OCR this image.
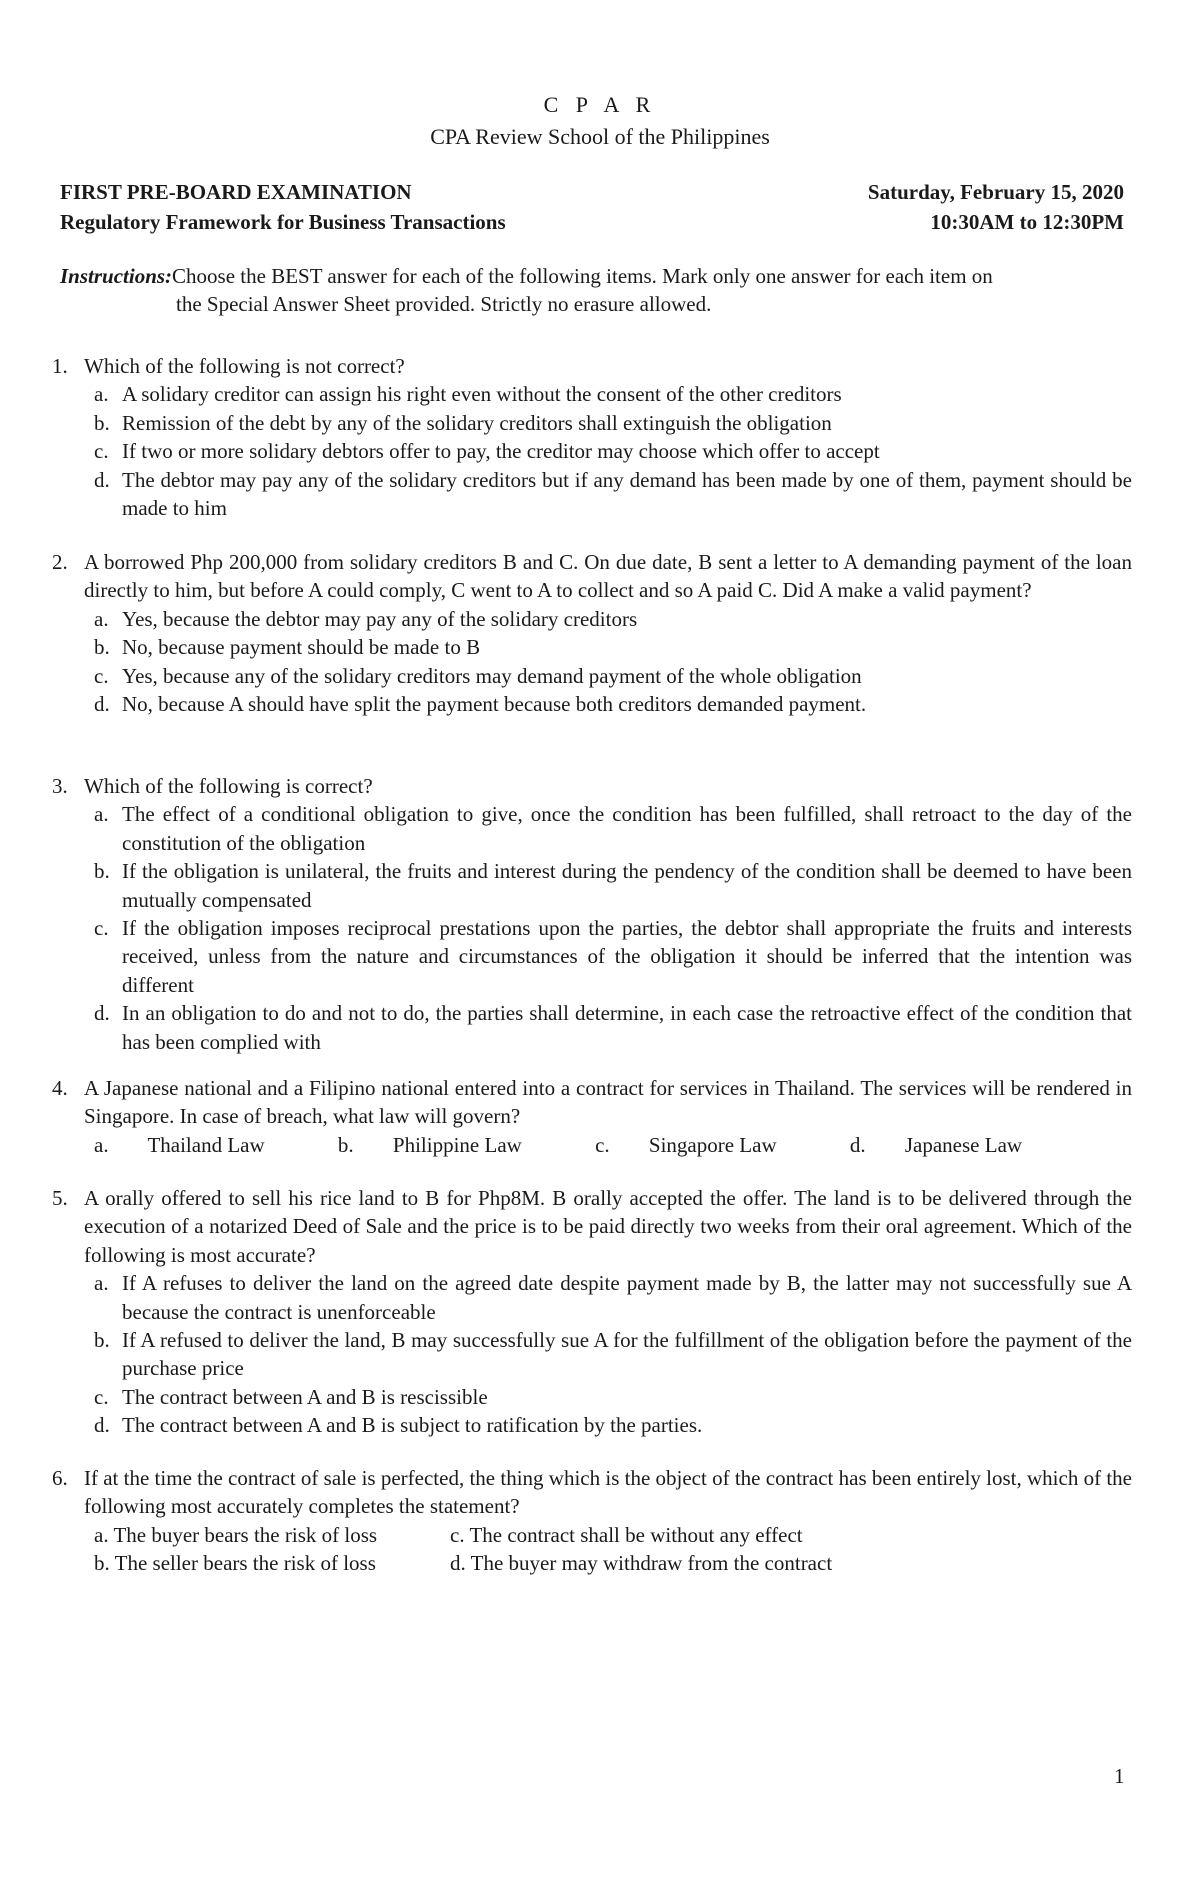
C P A R
CPA Review School of the Philippines
FIRST PRE-BOARD EXAMINATION
Regulatory Framework for Business Transactions
Saturday, February 15, 2020
10:30AM to 12:30PM
Instructions:Choose the BEST answer for each of the following items. Mark only one answer for each item on
the Special Answer Sheet provided. Strictly no erasure allowed.
1. Which of the following is not correct?
a. A solidary creditor can assign his right even without the consent of the other creditors
b. Remission of the debt by any of the solidary creditors shall extinguish the obligation
c. If two or more solidary debtors offer to pay, the creditor may choose which offer to accept
d. The debtor may pay any of the solidary creditors but if any demand has been made by one of them, payment should be made to him
2. A borrowed Php 200,000 from solidary creditors B and C. On due date, B sent a letter to A demanding payment of the loan directly to him, but before A could comply, C went to A to collect and so A paid C. Did A make a valid payment?
a. Yes, because the debtor may pay any of the solidary creditors
b. No, because payment should be made to B
c. Yes, because any of the solidary creditors may demand payment of the whole obligation
d. No, because A should have split the payment because both creditors demanded payment.
3. Which of the following is correct?
a. The effect of a conditional obligation to give, once the condition has been fulfilled, shall retroact to the day of the constitution of the obligation
b. If the obligation is unilateral, the fruits and interest during the pendency of the condition shall be deemed to have been mutually compensated
c. If the obligation imposes reciprocal prestations upon the parties, the debtor shall appropriate the fruits and interests received, unless from the nature and circumstances of the obligation it should be inferred that the intention was different
d. In an obligation to do and not to do, the parties shall determine, in each case the retroactive effect of the condition that has been complied with
4. A Japanese national and a Filipino national entered into a contract for services in Thailand. The services will be rendered in Singapore. In case of breach, what law will govern?
a. Thailand Law	b. Philippine Law	c. Singapore Law	d. Japanese Law
5. A orally offered to sell his rice land to B for Php8M. B orally accepted the offer. The land is to be delivered through the execution of a notarized Deed of Sale and the price is to be paid directly two weeks from their oral agreement. Which of the following is most accurate?
a. If A refuses to deliver the land on the agreed date despite payment made by B, the latter may not successfully sue A because the contract is unenforceable
b. If A refused to deliver the land, B may successfully sue A for the fulfillment of the obligation before the payment of the purchase price
c. The contract between A and B is rescissible
d. The contract between A and B is subject to ratification by the parties.
6. If at the time the contract of sale is perfected, the thing which is the object of the contract has been entirely lost, which of the following most accurately completes the statement?
a. The buyer bears the risk of loss	c. The contract shall be without any effect
b. The seller bears the risk of loss	d. The buyer may withdraw from the contract
1
